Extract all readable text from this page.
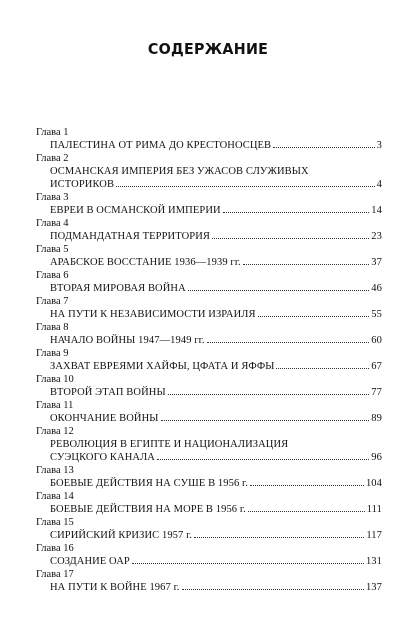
СОДЕРЖАНИЕ
Глава 1
ПАЛЕСТИНА ОТ РИМА ДО КРЕСТОНОСЦЕВ	3
Глава 2
ОСМАНСКАЯ ИМПЕРИЯ БЕЗ УЖАСОВ СЛУЖИВЫХ
ИСТОРИКОВ	4
Глава 3
ЕВРЕИ В ОСМАНСКОЙ ИМПЕРИИ	14
Глава 4
ПОДМАНДАТНАЯ ТЕРРИТОРИЯ	23
Глава 5
АРАБСКОЕ ВОССТАНИЕ 1936—1939 гг.	37
Глава 6
ВТОРАЯ МИРОВАЯ ВОЙНА	46
Глава 7
НА ПУТИ К НЕЗАВИСИМОСТИ ИЗРАИЛЯ	55
Глава 8
НАЧАЛО ВОЙНЫ 1947—1949 гг.	60
Глава 9
ЗАХВАТ ЕВРЕЯМИ ХАЙФЫ, ЦФАТА И ЯФФЫ	67
Глава 10
ВТОРОЙ ЭТАП ВОЙНЫ	77
Глава 11
ОКОНЧАНИЕ ВОЙНЫ	89
Глава 12
РЕВОЛЮЦИЯ В ЕГИПТЕ И НАЦИОНАЛИЗАЦИЯ
СУЭЦКОГО КАНАЛА	96
Глава 13
БОЕВЫЕ ДЕЙСТВИЯ НА СУШЕ В 1956 г.	104
Глава 14
БОЕВЫЕ ДЕЙСТВИЯ НА МОРЕ В 1956 г.	111
Глава 15
СИРИЙСКИЙ КРИЗИС 1957 г.	117
Глава 16
СОЗДАНИЕ ОАР	131
Глава 17
НА ПУТИ К ВОЙНЕ 1967 г.	137
